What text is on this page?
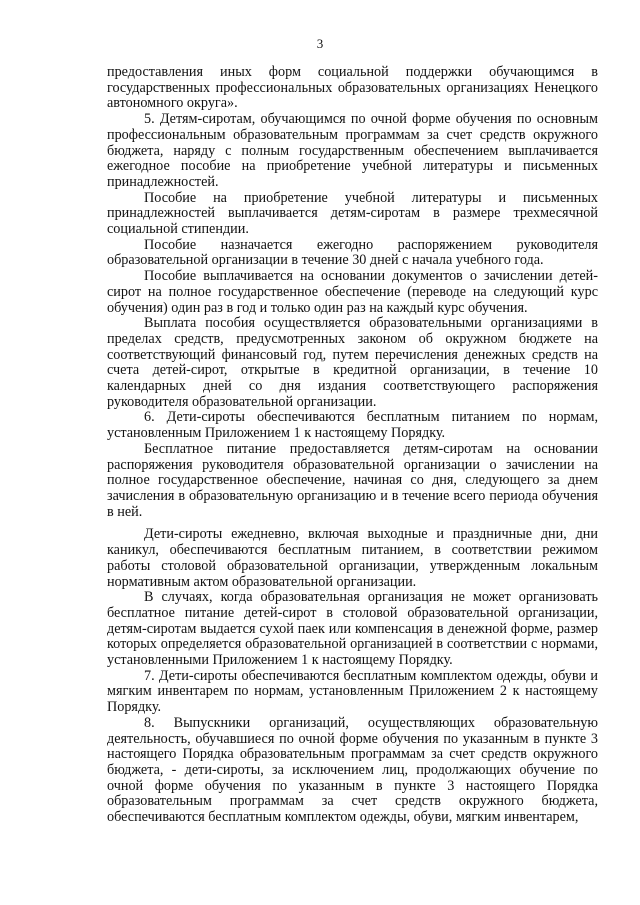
3

предоставления иных форм социальной поддержки обучающимся в государственных профессиональных образовательных организациях Ненецкого автономного округа».

5. Детям-сиротам, обучающимся по очной форме обучения по основным профессиональным образовательным программам за счет средств окружного бюджета, наряду с полным государственным обеспечением выплачивается ежегодное пособие на приобретение учебной литературы и письменных принадлежностей.

Пособие на приобретение учебной литературы и письменных принадлежностей выплачивается детям-сиротам в размере трехмесячной социальной стипендии.

Пособие назначается ежегодно распоряжением руководителя образовательной организации в течение 30 дней с начала учебного года.

Пособие выплачивается на основании документов о зачислении детей-сирот на полное государственное обеспечение (переводе на следующий курс обучения) один раз в год и только один раз на каждый курс обучения.

Выплата пособия осуществляется образовательными организациями в пределах средств, предусмотренных законом об окружном бюджете на соответствующий финансовый год, путем перечисления денежных средств на счета детей-сирот, открытые в кредитной организации, в течение 10 календарных дней со дня издания соответствующего распоряжения руководителя образовательной организации.

6. Дети-сироты обеспечиваются бесплатным питанием по нормам, установленным Приложением 1 к настоящему Порядку.

Бесплатное питание предоставляется детям-сиротам на основании распоряжения руководителя образовательной организации о зачислении на полное государственное обеспечение, начиная со дня, следующего за днем зачисления в образовательную организацию и в течение всего периода обучения в ней.

Дети-сироты ежедневно, включая выходные и праздничные дни, дни каникул, обеспечиваются бесплатным питанием, в соответствии режимом работы столовой образовательной организации, утвержденным локальным нормативным актом образовательной организации.

В случаях, когда образовательная организация не может организовать бесплатное питание детей-сирот в столовой образовательной организации, детям-сиротам выдается сухой паек или компенсация в денежной форме, размер которых определяется образовательной организацией в соответствии с нормами, установленными Приложением 1 к настоящему Порядку.

7. Дети-сироты обеспечиваются бесплатным комплектом одежды, обуви и мягким инвентарем по нормам, установленным Приложением 2 к настоящему Порядку.

8. Выпускники организаций, осуществляющих образовательную деятельность, обучавшиеся по очной форме обучения по указанным в пункте 3 настоящего Порядка образовательным программам за счет средств окружного бюджета, - дети-сироты, за исключением лиц, продолжающих обучение по очной форме обучения по указанным в пункте 3 настоящего Порядка образовательным программам за счет средств окружного бюджета, обеспечиваются бесплатным комплектом одежды, обуви, мягким инвентарем,
